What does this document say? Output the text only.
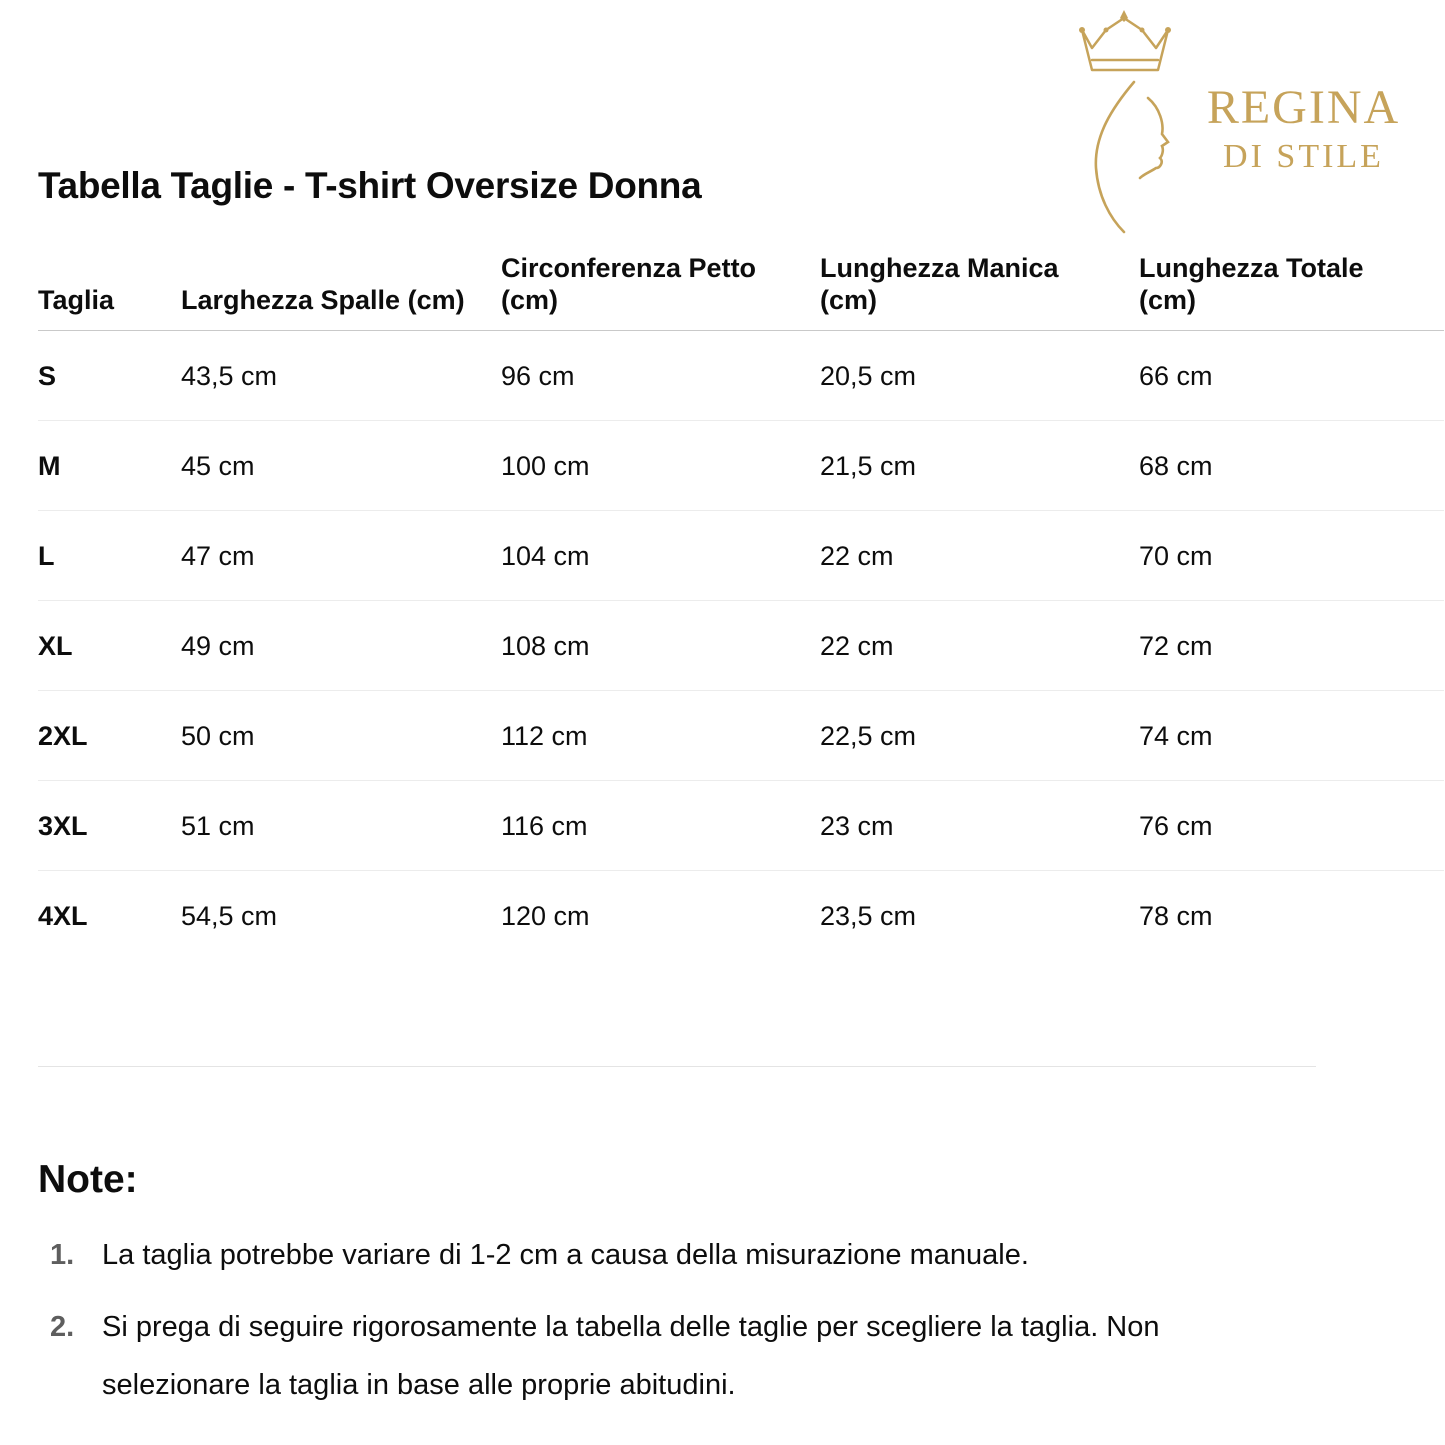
REGINA
DI STILE
Tabella Taglie - T-shirt Oversize Donna
Taglia	Larghezza Spalle (cm)	Circonferenza Petto (cm)	Lunghezza Manica (cm)	Lunghezza Totale (cm)
S	43,5 cm	96 cm	20,5 cm	66 cm
M	45 cm	100 cm	21,5 cm	68 cm
L	47 cm	104 cm	22 cm	70 cm
XL	49 cm	108 cm	22 cm	72 cm
2XL	50 cm	112 cm	22,5 cm	74 cm
3XL	51 cm	116 cm	23 cm	76 cm
4XL	54,5 cm	120 cm	23,5 cm	78 cm
Note:
1. La taglia potrebbe variare di 1-2 cm a causa della misurazione manuale.
2. Si prega di seguire rigorosamente la tabella delle taglie per scegliere la taglia. Non selezionare la taglia in base alle proprie abitudini.
